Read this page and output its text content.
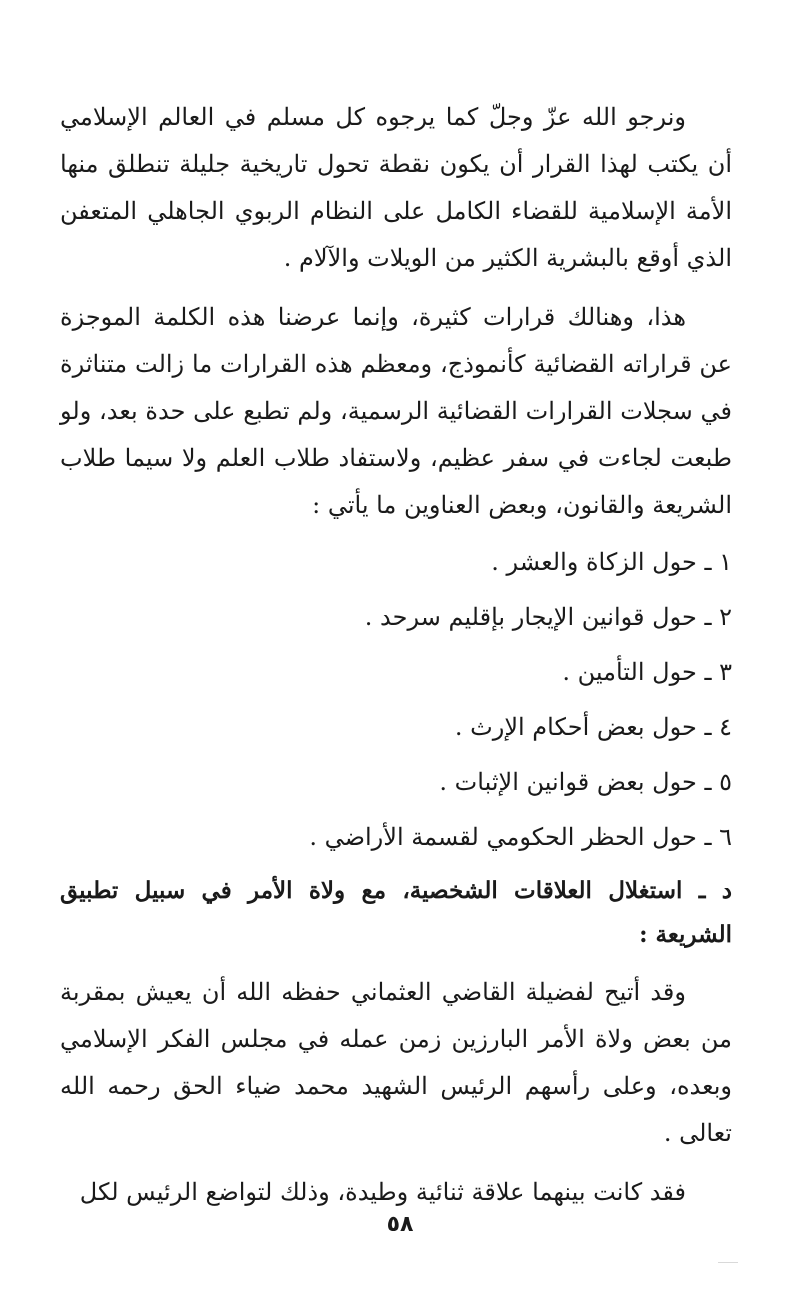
ونرجو الله عزّ وجلّ كما يرجوه كل مسلم في العالم الإسلامي أن يكتب لهذا القرار أن يكون نقطة تحول تاريخية جليلة تنطلق منها الأمة الإسلامية للقضاء الكامل على النظام الربوي الجاهلي المتعفن الذي أوقع بالبشرية الكثير من الويلات والآلام .

هذا، وهنالك قرارات كثيرة، وإنما عرضنا هذه الكلمة الموجزة عن قراراته القضائية كأنموذج، ومعظم هذه القرارات ما زالت متناثرة في سجلات القرارات القضائية الرسمية، ولم تطبع على حدة بعد، ولو طبعت لجاءت في سفر عظيم، ولاستفاد طلاب العلم ولا سيما طلاب الشريعة والقانون، وبعض العناوين ما يأتي :

١ ـ حول الزكاة والعشر .
٢ ـ حول قوانين الإيجار بإقليم سرحد .
٣ ـ حول التأمين .
٤ ـ حول بعض أحكام الإرث .
٥ ـ حول بعض قوانين الإثبات .
٦ ـ حول الحظر الحكومي لقسمة الأراضي .

د ـ استغلال العلاقات الشخصية، مع ولاة الأمر في سبيل تطبيق الشريعة :

وقد أتيح لفضيلة القاضي العثماني حفظه الله أن يعيش بمقربة من بعض ولاة الأمر البارزين زمن عمله في مجلس الفكر الإسلامي وبعده، وعلى رأسهم الرئيس الشهيد محمد ضياء الحق رحمه الله تعالى .

فقد كانت بينهما علاقة ثنائية وطيدة، وذلك لتواضع الرئيس لكل

٥٨
